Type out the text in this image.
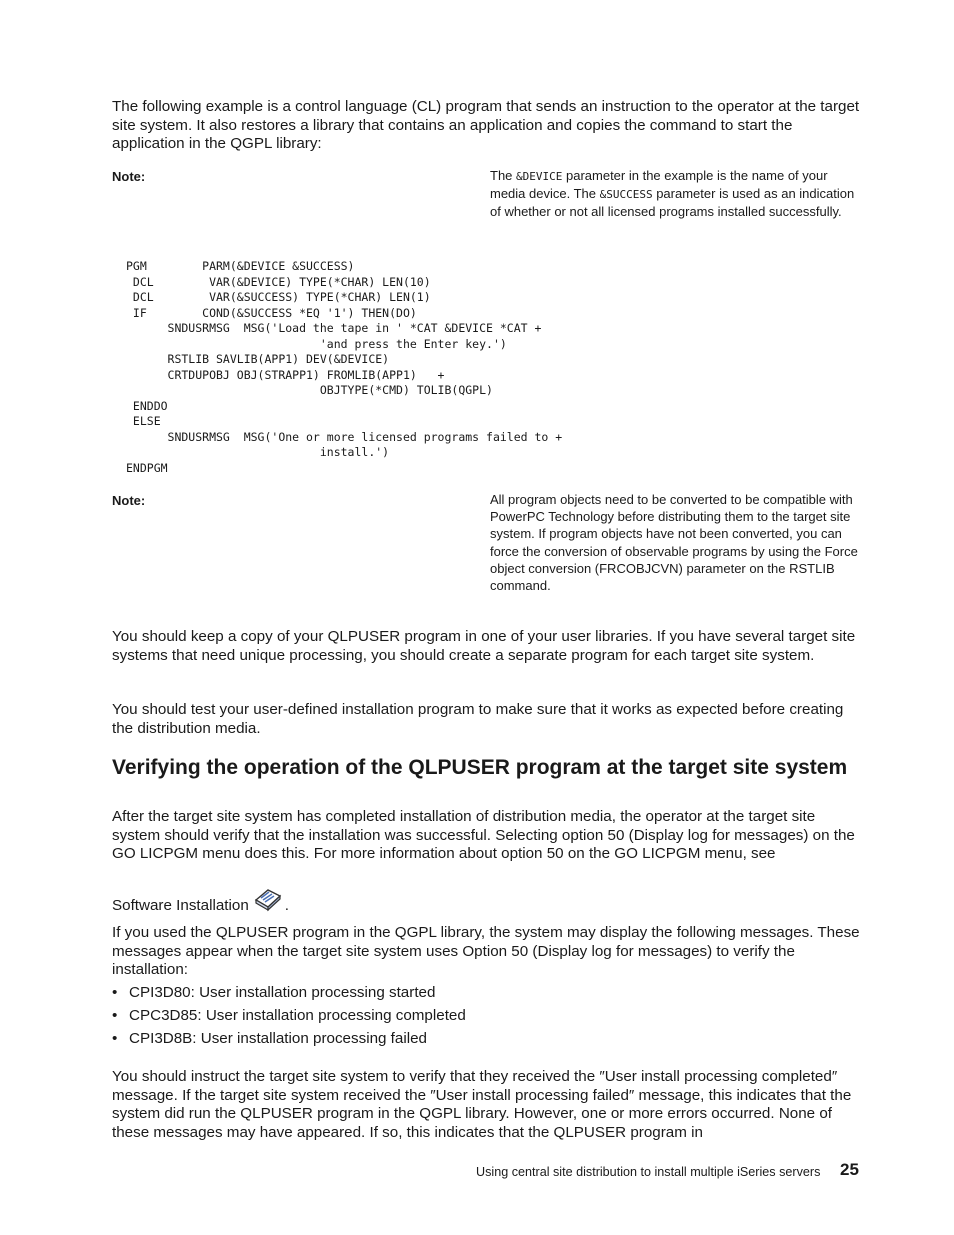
The following example is a control language (CL) program that sends an instruction to the operator at the target site system. It also restores a library that contains an application and copies the command to start the application in the QGPL library:

Note:	The &DEVICE parameter in the example is the name of your media device. The &SUCCESS parameter is used as an indication of whether or not all licensed programs installed successfully.

PGM        PARM(&DEVICE &SUCCESS)
DCL        VAR(&DEVICE) TYPE(*CHAR) LEN(10)
DCL        VAR(&SUCCESS) TYPE(*CHAR) LEN(1)
IF        COND(&SUCCESS *EQ '1') THEN(DO)
SNDUSRMSG  MSG('Load the tape in ' *CAT &DEVICE *CAT +
'and press the Enter key.')
RSTLIB SAVLIB(APP1) DEV(&DEVICE)
CRTDUPOBJ OBJ(STRAPP1) FROMLIB(APP1)   +
OBJTYPE(*CMD) TOLIB(QGPL)
ENDDO
ELSE
SNDUSRMSG  MSG('One or more licensed programs failed to +
install.')
ENDPGM
Note:	All program objects need to be converted to be compatible with PowerPC Technology before distributing them to the target site system. If program objects have not been converted, you can force the conversion of observable programs by using the Force object conversion (FRCOBJCVN) parameter on the RSTLIB command.

You should keep a copy of your QLPUSER program in one of your user libraries. If you have several target site systems that need unique processing, you should create a separate program for each target site system.

You should test your user-defined installation program to make sure that it works as expected before creating the distribution media.

Verifying the operation of the QLPUSER program at the target site system

After the target site system has completed installation of distribution media, the operator at the target site system should verify that the installation was successful. Selecting option 50 (Display log for messages) on the GO LICPGM menu does this. For more information about option 50 on the GO LICPGM menu, see

Software Installation .

If you used the QLPUSER program in the QGPL library, the system may display the following messages. These messages appear when the target site system uses Option 50 (Display log for messages) to verify the installation:

• CPI3D80: User installation processing started
• CPC3D85: User installation processing completed
• CPI3D8B: User installation processing failed

You should instruct the target site system to verify that they received the ″User install processing completed″ message. If the target site system received the ″User install processing failed″ message, this indicates that the system did run the QLPUSER program in the QGPL library. However, one or more errors occurred. None of these messages may have appeared. If so, this indicates that the QLPUSER program in

Using central site distribution to install multiple iSeries servers 25
